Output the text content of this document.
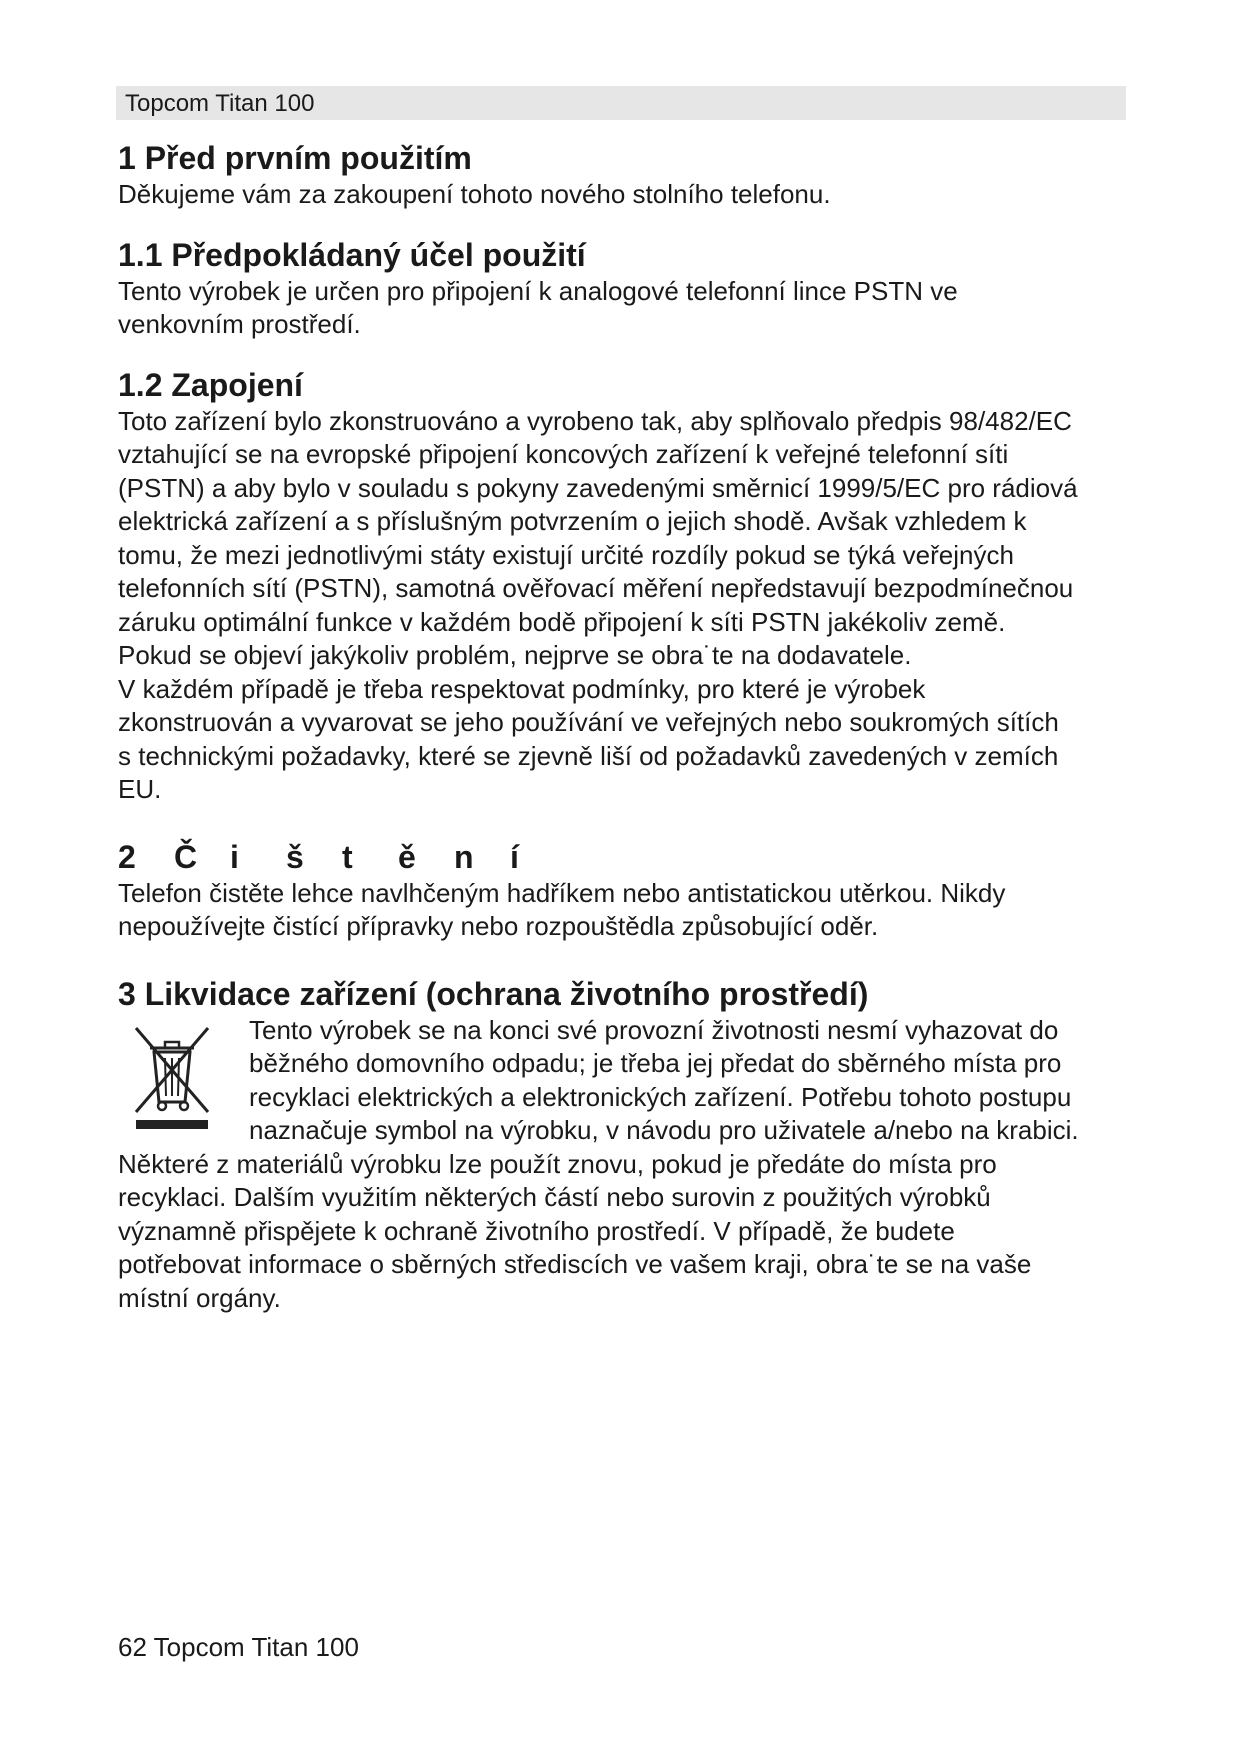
Topcom Titan 100
1 Před prvním použitím
Děkujeme vám za zakoupení tohoto nového stolního telefonu.
1.1 Předpokládaný účel použití
Tento výrobek je určen pro připojení k analogové telefonní lince PSTN ve
venkovním prostředí.
1.2 Zapojení
Toto zařízení bylo zkonstruováno a vyrobeno tak, aby splňovalo předpis 98/482/EC
vztahující se na evropské připojení koncových zařízení k veřejné telefonní síti
(PSTN) a aby bylo v souladu s pokyny zavedenými směrnicí 1999/5/EC pro rádiová
elektrická zařízení a s příslušným potvrzením o jejich shodě. Avšak vzhledem k
tomu, že mezi jednotlivými státy existují určité rozdíly pokud se týká veřejných
telefonních sítí (PSTN), samotná ověřovací měření nepředstavují bezpodmínečnou
záruku optimální funkce v každém bodě připojení k síti PSTN jakékoliv země.
Pokud se objeví jakýkoliv problém, nejprve se obra˙te na dodavatele.
V každém případě je třeba respektovat podmínky, pro které je výrobek
zkonstruován a vyvarovat se jeho používání ve veřejných nebo soukromých sítích
s technickými požadavky, které se zjevně liší od požadavků zavedených v zemích
EU.
2	Č	i	š	t	ě	n	í
Telefon čistěte lehce navlhčeným hadříkem nebo antistatickou utěrkou. Nikdy
nepoužívejte čistící přípravky nebo rozpouštědla způsobující oděr.
3 Likvidace zařízení (ochrana životního prostředí)
Tento výrobek se na konci své provozní životnosti nesmí vyhazovat do
běžného domovního odpadu; je třeba jej předat do sběrného místa pro
recyklaci elektrických a elektronických zařízení. Potřebu tohoto postupu
naznačuje symbol na výrobku, v návodu pro uživatele a/nebo na krabici.
Některé z materiálů výrobku lze použít znovu, pokud je předáte do místa pro
recyklaci. Dalším využitím některých částí nebo surovin z použitých výrobků
významně přispějete k ochraně životního prostředí. V případě, že budete
potřebovat informace o sběrných střediscích ve vašem kraji, obra˙te se na vaše
místní orgány.
62 Topcom Titan 100
